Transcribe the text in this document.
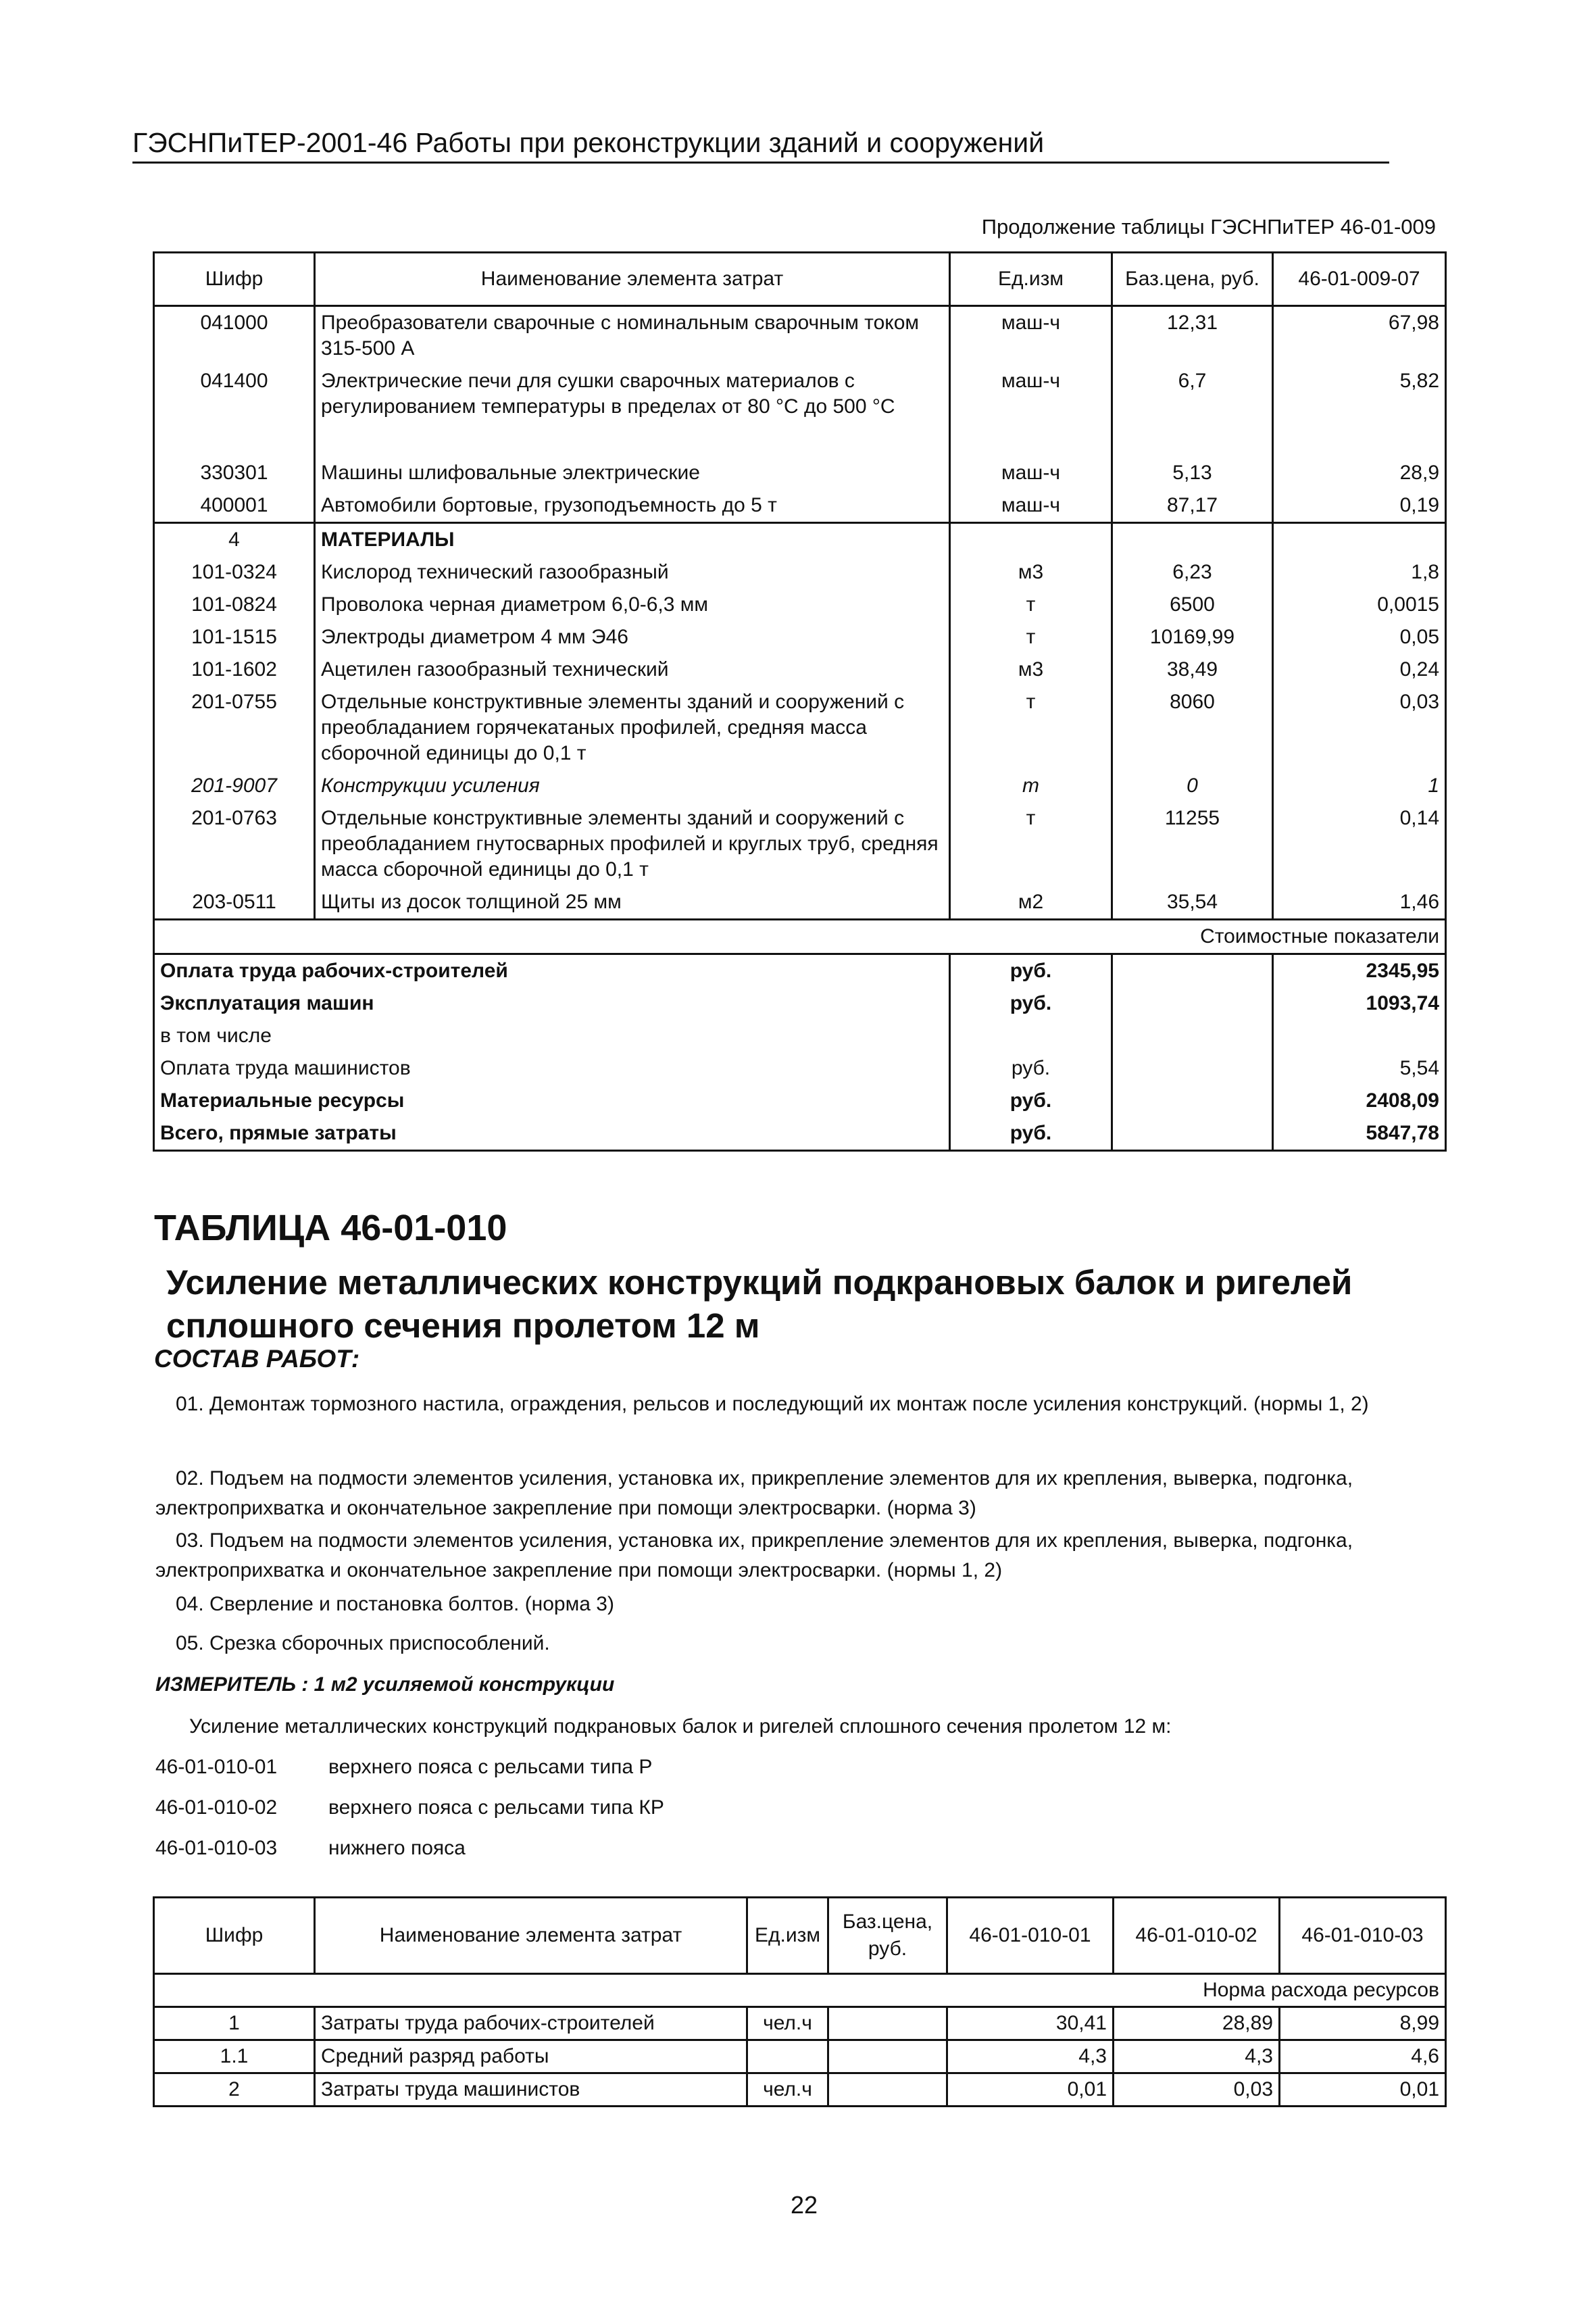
ГЭСНПиТЕР-2001-46 Работы при реконструкции зданий и сооружений
Продолжение таблицы ГЭСНПиТЕР 46-01-009
Шифр	Наименование элемента затрат	Ед.изм	Баз.цена, руб.	46-01-009-07
041000	Преобразователи сварочные с номинальным сварочным током 315-500 А	маш-ч	12,31	67,98
041400	Электрические печи для сушки сварочных материалов с регулированием температуры в пределах от 80 °С до 500 °С	маш-ч	6,7	5,82

330301	Машины шлифовальные электрические	маш-ч	5,13	28,9
400001	Автомобили бортовые, грузоподъемность до 5 т	маш-ч	87,17	0,19
4	МАТЕРИАЛЫ			
101-0324	Кислород технический газообразный	м3	6,23	1,8
101-0824	Проволока черная диаметром 6,0-6,3 мм	т	6500	0,0015
101-1515	Электроды диаметром 4 мм Э46	т	10169,99	0,05
101-1602	Ацетилен газообразный технический	м3	38,49	0,24
201-0755	Отдельные конструктивные элементы зданий и сооружений с преобладанием горячекатаных профилей, средняя масса сборочной единицы до 0,1 т	т	8060	0,03
201-9007	Конструкции усиления	т	0	1
201-0763	Отдельные конструктивные элементы зданий и сооружений с преобладанием гнутосварных профилей и круглых труб, средняя масса сборочной единицы до 0,1 т	т	11255	0,14
203-0511	Щиты из досок толщиной 25 мм	м2	35,54	1,46
Стоимостные показатели				
Оплата труда рабочих-строителей		руб.		2345,95
Эксплуатация машин		руб.		1093,74
в том числе				
Оплата труда машинистов		руб.		5,54
Материальные ресурсы		руб.		2408,09
Всего, прямые затраты		руб.		5847,78
ТАБЛИЦА 46-01-010
Усиление металлических конструкций подкрановых балок и ригелей сплошного сечения пролетом 12 м
СОСТАВ РАБОТ:
01. Демонтаж тормозного настила, ограждения, рельсов и последующий их монтаж после усиления конструкций. (нормы 1, 2)
02. Подъем на подмости элементов усиления, установка их, прикрепление элементов для их крепления, выверка, подгонка, электроприхватка и окончательное закрепление при помощи электросварки. (норма 3)
03. Подъем на подмости элементов усиления, установка их, прикрепление элементов для их крепления, выверка, подгонка, электроприхватка и окончательное закрепление при помощи электросварки. (нормы 1, 2)
04. Сверление и постановка болтов. (норма 3)
05. Срезка сборочных приспособлений.
ИЗМЕРИТЕЛЬ : 1 м2 усиляемой конструкции
Усиление металлических конструкций подкрановых балок и ригелей сплошного сечения пролетом 12 м:
46-01-010-01	верхнего пояса с рельсами типа Р
46-01-010-02	верхнего пояса с рельсами типа КР
46-01-010-03	нижнего пояса
Шифр	Наименование элемента затрат	Ед.изм	Баз.цена, руб.	46-01-010-01	46-01-010-02	46-01-010-03
Норма расхода ресурсов						
1	Затраты труда рабочих-строителей	чел.ч		30,41	28,89	8,99
1.1	Средний разряд работы			4,3	4,3	4,6
2	Затраты труда машинистов	чел.ч		0,01	0,03	0,01
22
